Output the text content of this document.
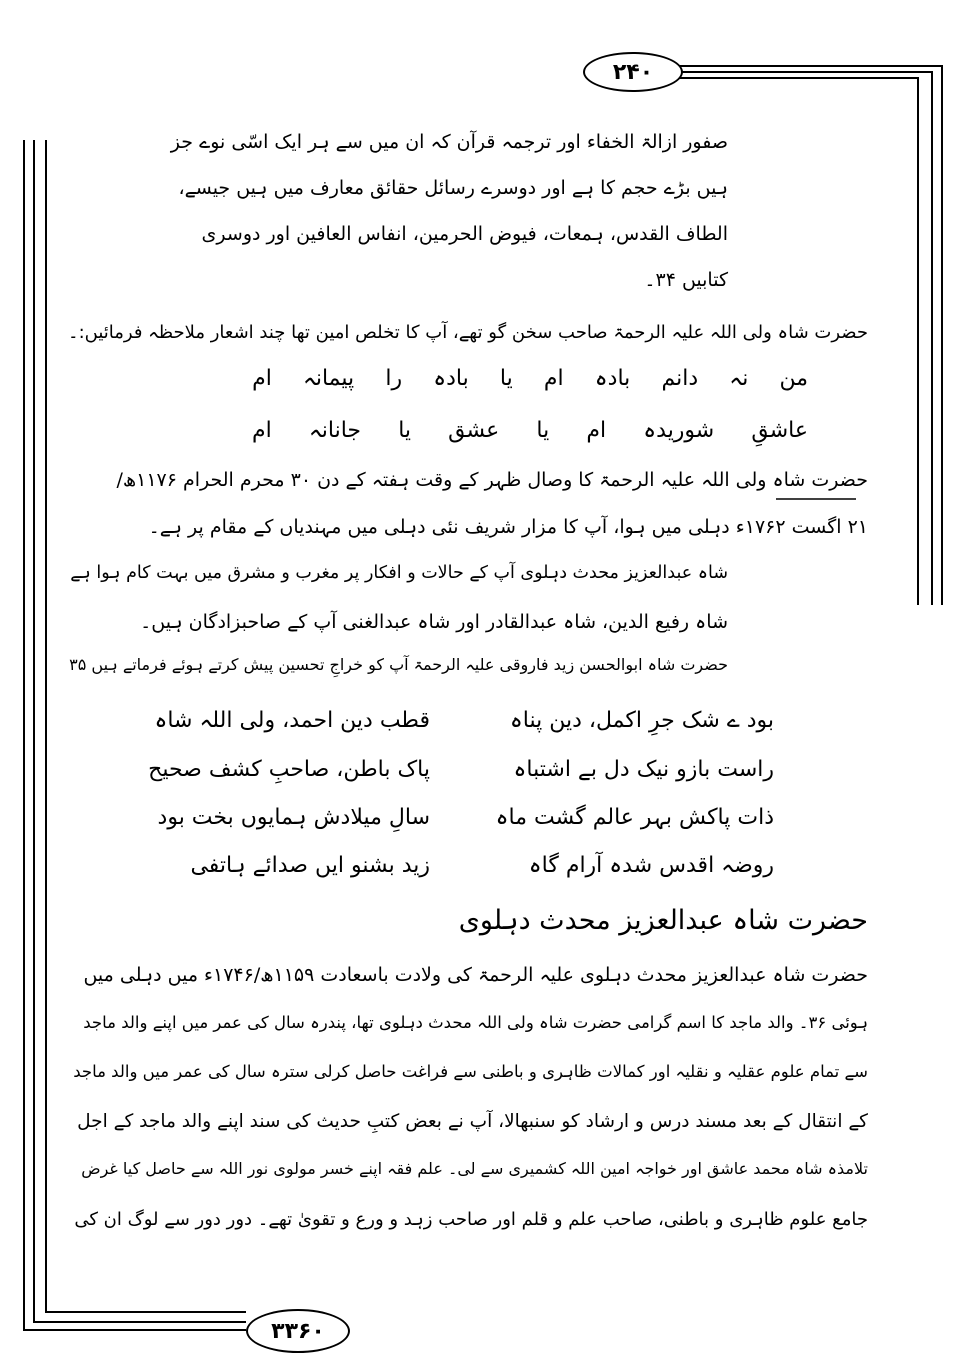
۲۴۰
۳۳۶۰
صفور ازالۃ الخفاء اور ترجمہ قرآن کہ ان میں سے ہر ایک اسّی نوے جز
ہیں بڑے حجم کا ہے اور دوسرے رسائل حقائق معارف میں ہیں جیسے،
الطاف القدس، ہمعات، فیوض الحرمین، انفاس العافین اور دوسری
کتابیں ۳۴۔
حضرت شاہ ولی اللہ علیہ الرحمۃ صاحب سخن گو تھے، آپ کا تخلص امین تھا چند اشعار ملاحظہ فرمائیں:۔
من
نہ
دانم
بادہ
ام
یا
بادہ
را
پیمانہ
ام
عاشقِ
شوریدہ
ام
یا
عشق
یا
جانانہ
ام
حضرت شاہ ولی اللہ علیہ الرحمۃ کا وصال ظہر کے وقت ہفتہ کے دن ۳۰ محرم الحرام ۱۱۷۶ھ/
۲۱ اگست ۱۷۶۲ء دہلی میں ہوا، آپ کا مزار شریف نئی دہلی میں مہندیاں کے مقام پر ہے۔
شاہ عبدالعزیز محدث دہلوی آپ کے حالات و افکار پر مغرب و مشرق میں بہت کام ہوا ہے
شاہ رفیع الدین، شاہ عبدالقادر اور شاہ عبدالغنی آپ کے صاحبزادگان ہیں۔
حضرت شاہ ابوالحسن زید فاروقی علیہ الرحمۃ آپ کو خراجِ تحسین پیش کرتے ہوئے فرماتے ہیں ۳۵
قطب دین احمد، ولی اللہ شاہ	بود ے شک جرِ اکمل، دین پناہ
پاک باطن، صاحبِ کشف صحیح	راست بازو نیک دل بے اشتباہ
سالِ میلادش ہمایوں بخت بود	ذات پاکش بہر عالم گشت ماہ
زید بشنو ایں صدائے ہاتفی	روضہ اقدس شدہ آرام گاہ
حضرت شاہ عبدالعزیز محدث دہلوی
حضرت شاہ عبدالعزیز محدث دہلوی علیہ الرحمۃ کی ولادت باسعادت ۱۱۵۹ھ/۱۷۴۶ء میں دہلی میں
ہوئی ۳۶۔ والد ماجد کا اسم گرامی حضرت شاہ ولی اللہ محدث دہلوی تھا، پندرہ سال کی عمر میں اپنے والد ماجد
سے تمام علوم عقلیہ و نقلیہ اور کمالات ظاہری و باطنی سے فراغت حاصل کرلی سترہ سال کی عمر میں والد ماجد
کے انتقال کے بعد مسند درس و ارشاد کو سنبھالا، آپ نے بعض کتبِ حدیث کی سند اپنے والد ماجد کے اجل
تلامذہ شاہ محمد عاشق اور خواجہ امین اللہ کشمیری سے لی۔ علم فقہ اپنے خسر مولوی نور اللہ سے حاصل کیا غرض
جامع علوم ظاہری و باطنی، صاحب علم و قلم اور صاحب زہد و ورع و تقویٰ تھے۔ دور دور سے لوگ ان کی
